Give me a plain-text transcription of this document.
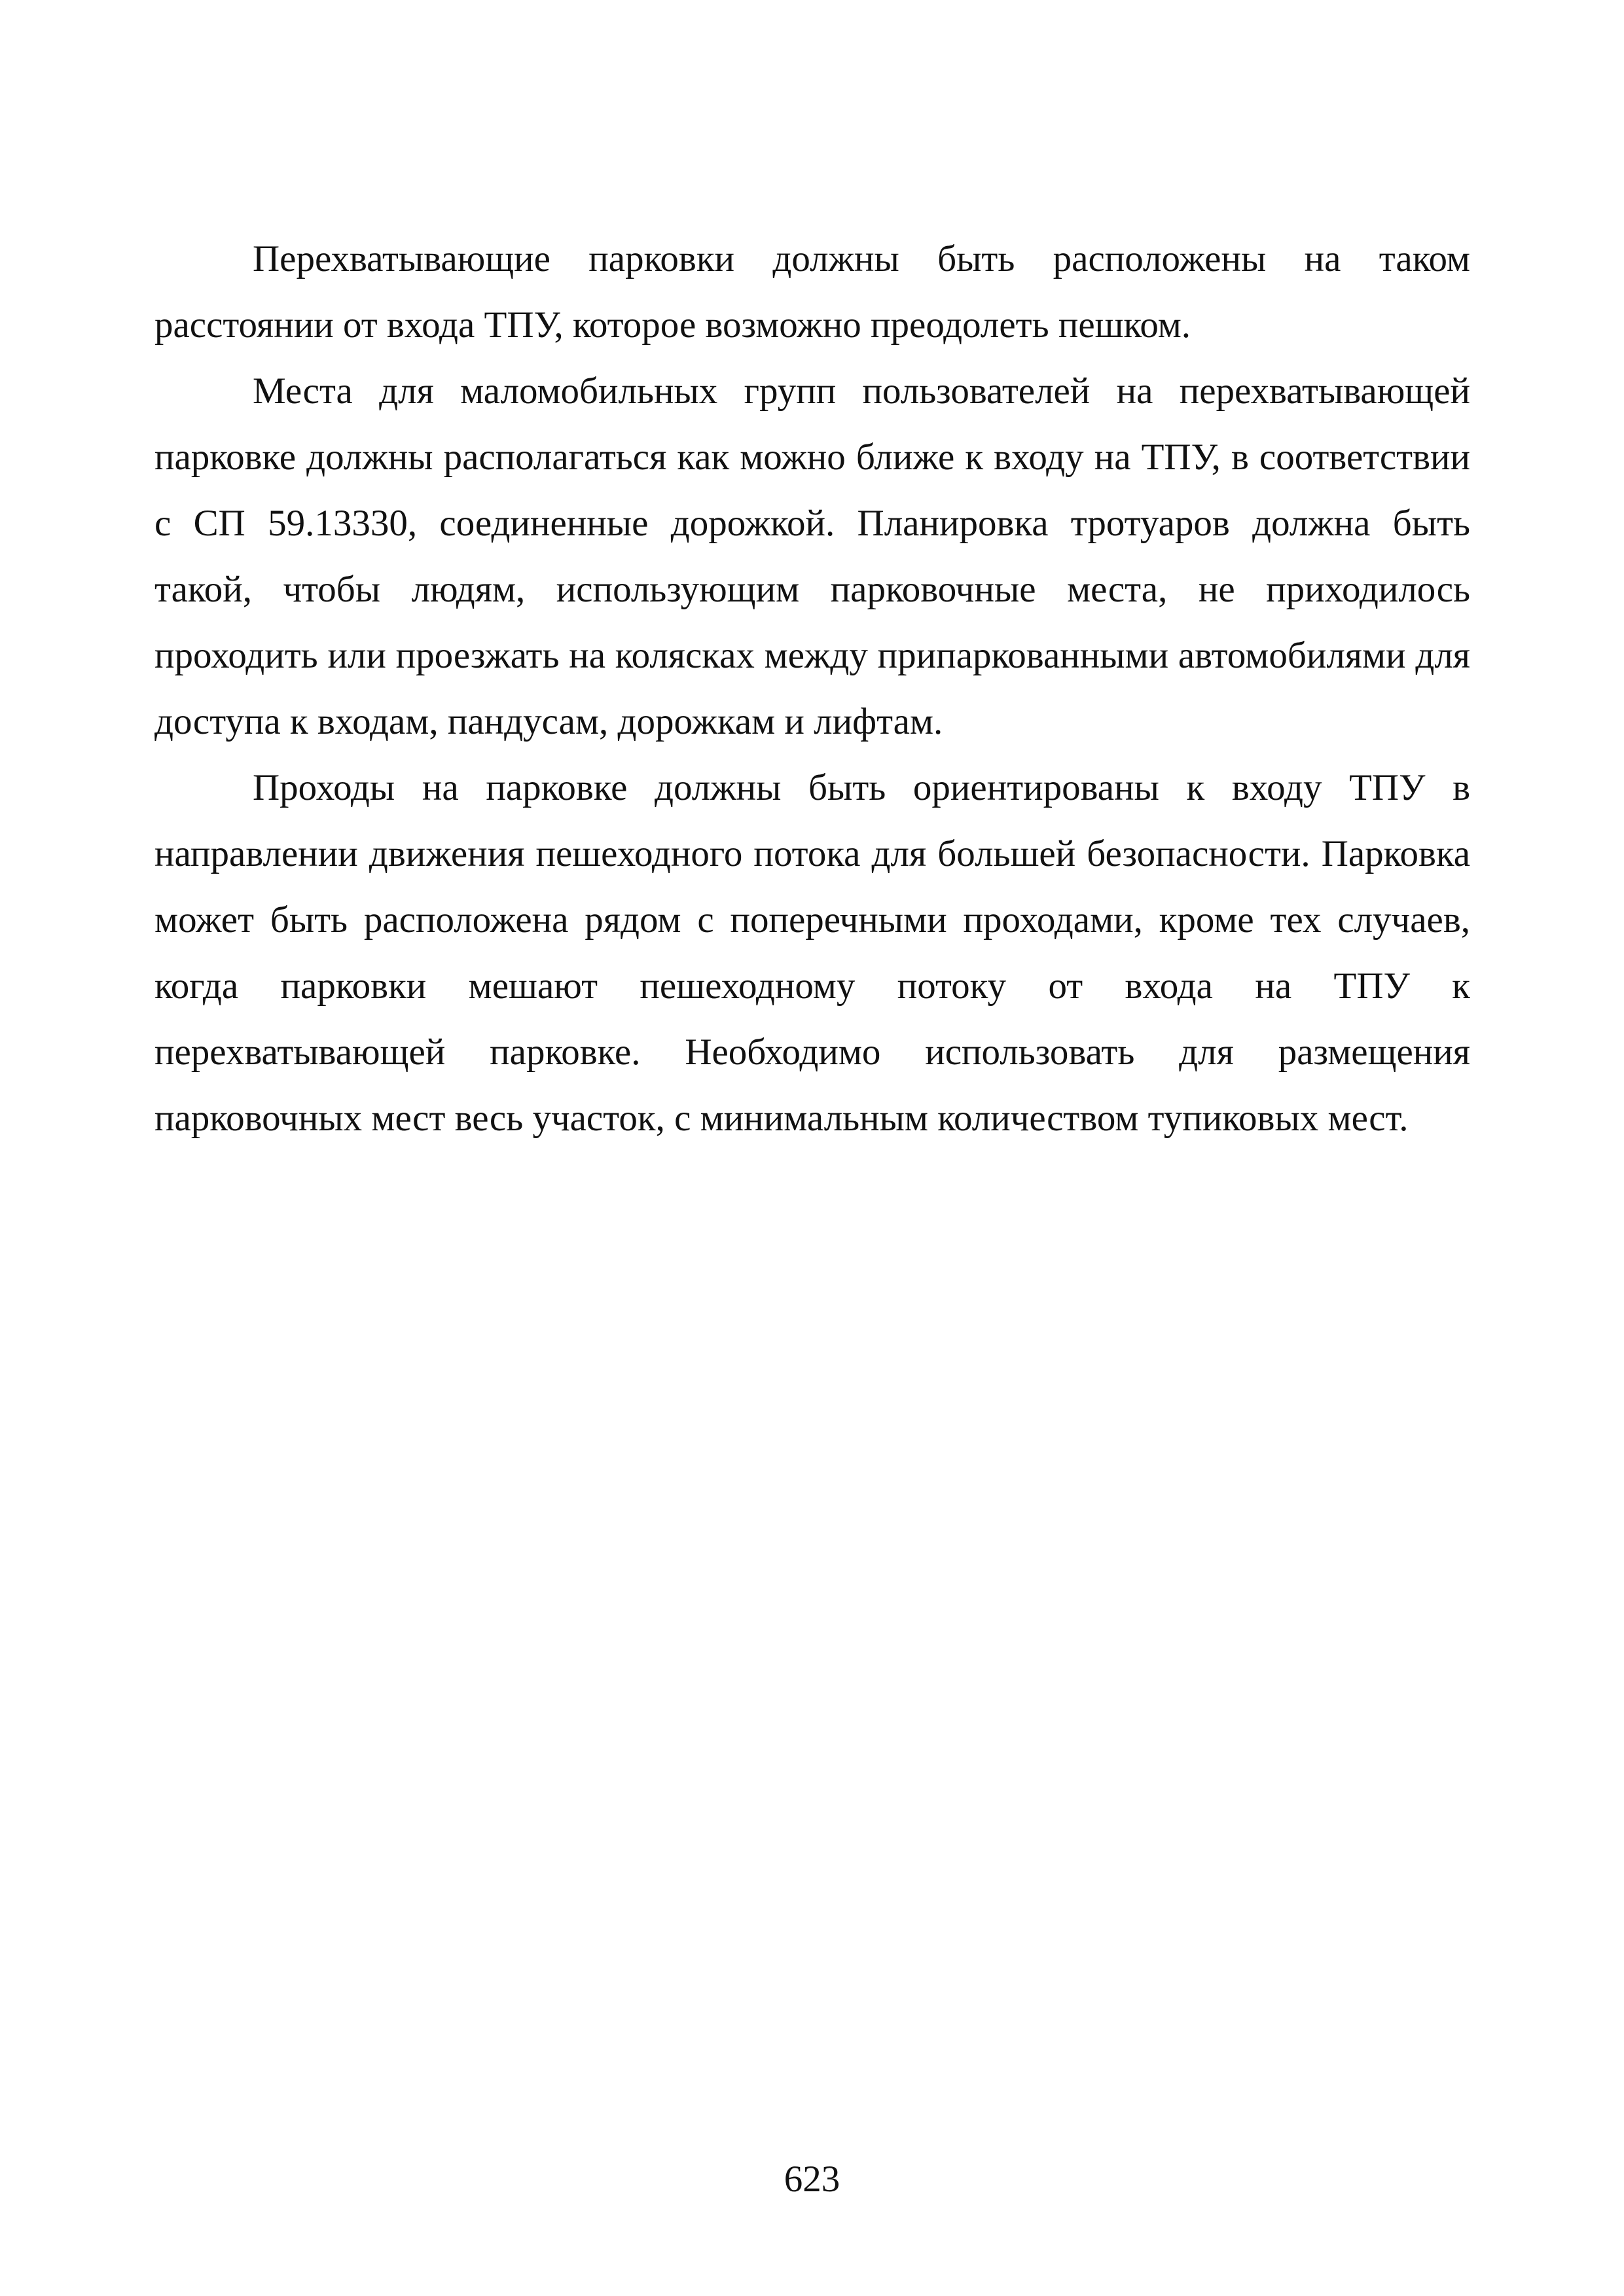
Перехватывающие парковки должны быть расположены на таком расстоянии от входа ТПУ, которое возможно преодолеть пешком.

Места для маломобильных групп пользователей на перехватывающей парковке должны располагаться как можно ближе к входу на ТПУ, в соответствии с СП 59.13330, соединенные дорожкой. Планировка тротуаров должна быть такой, чтобы людям, использующим парковочные места, не приходилось проходить или проезжать на колясках между припаркованными автомобилями для доступа к входам, пандусам, дорожкам и лифтам.

Проходы на парковке должны быть ориентированы к входу ТПУ в направлении движения пешеходного потока для большей безопасности. Парковка может быть расположена рядом с поперечными проходами, кроме тех случаев, когда парковки мешают пешеходному потоку от входа на ТПУ к перехватывающей парковке. Необходимо использовать для размещения парковочных мест весь участок, с минимальным количеством тупиковых мест.

623
